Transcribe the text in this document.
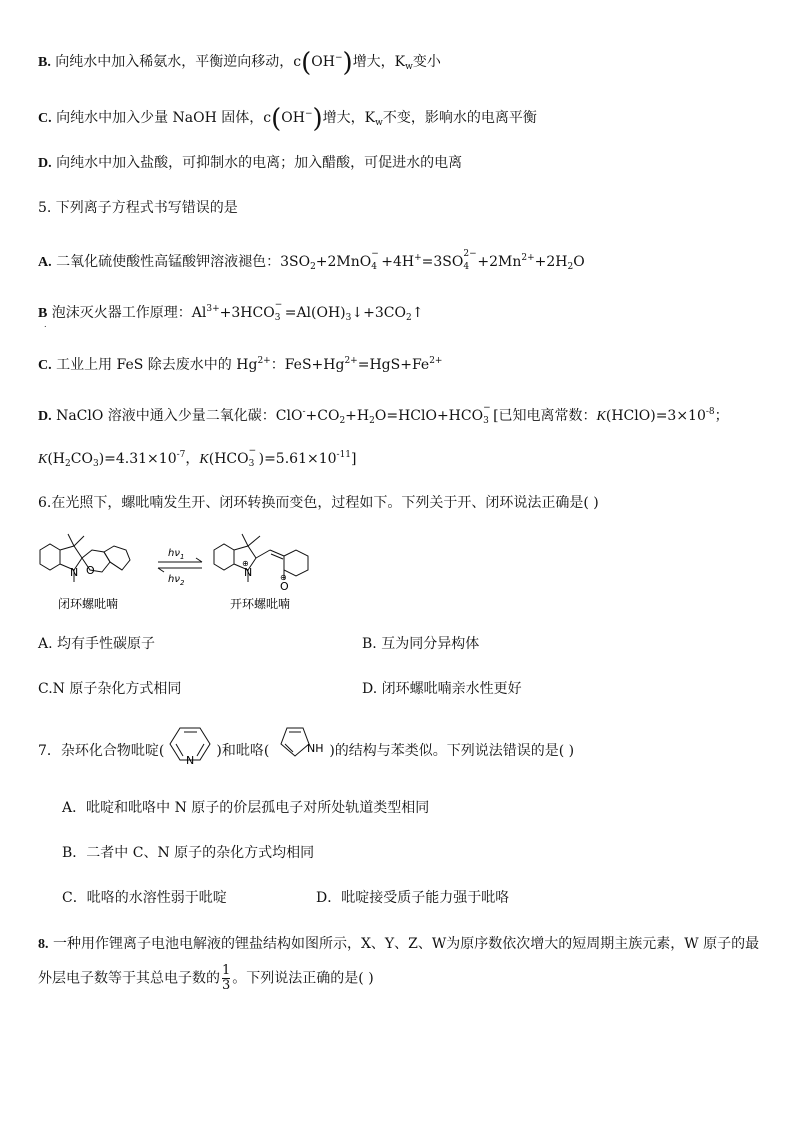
B. 向纯水中加入稀氨水，平衡逆向移动，c(OH−)增大，$K_w$变小
C. 向纯水中加入少量 NaOH 固体，c(OH−)增大，$K_w$不变，影响水的电离平衡
D. 向纯水中加入盐酸，可抑制水的电离；加入醋酸，可促进水的电离
5. 下列离子方程式书写错误的是
A. 二氧化硫使酸性高锰酸钾溶液褪色：$3SO_2+2MnO$ −
4 +4H+=3SO 2−
$4 +2Mn^{2+}+2H_2O$
B 泡沫灭火器工作原理：$Al^{3+}+3HCO$ −
$3 =Al(OH)_3↓+3CO_2↑$
.
C. 工业上用 FeS 除去废水中的 $Hg^{2+}$：$FeS+Hg^{2+}=HgS+Fe^{2+}$
D. NaClO 溶液中通入少量二氧化碳：$ClO^-+CO_2+H_2O=HClO+HCO$ −
3 [已知电离常数：$K(HClO)=3\times 10^{-8}$；
$K(H_2CO_3)=4.31\times 10^{-7}$，K(HCO −
3 )$=5.61\times 10^{-11}$]
6.在光照下，螺吡喃发生开、闭环转换而变色，过程如下。下列关于开、闭环说法正确是( )
N O	N
⊕
O
⊖
$h\nu_1$
$h\nu_2$
闭环螺吡喃	开环螺吡喃
A. 均有手性碳原子	B. 互为同分异构体
C.N 原子杂化方式相同	D. 闭环螺吡喃亲水性更好
7．杂环化合物吡啶(
N
)和吡咯(	NH )的结构与苯类似。下列说法错误的是( )
A．吡啶和吡咯中 N 原子的价层孤电子对所处轨道类型相同
B．二者中 C、N 原子的杂化方式均相同
C．吡咯的水溶性弱于吡啶	D．吡啶接受质子能力强于吡咯
8. 一种用作锂离子电池电解液的锂盐结构如图所示，X、Y、Z、W为原序数依次增大的短周期主族元素，W 原子的最
外层电子数等于其总电子数的 $\frac{1}{3}$ 。下列说法正确的是( )
